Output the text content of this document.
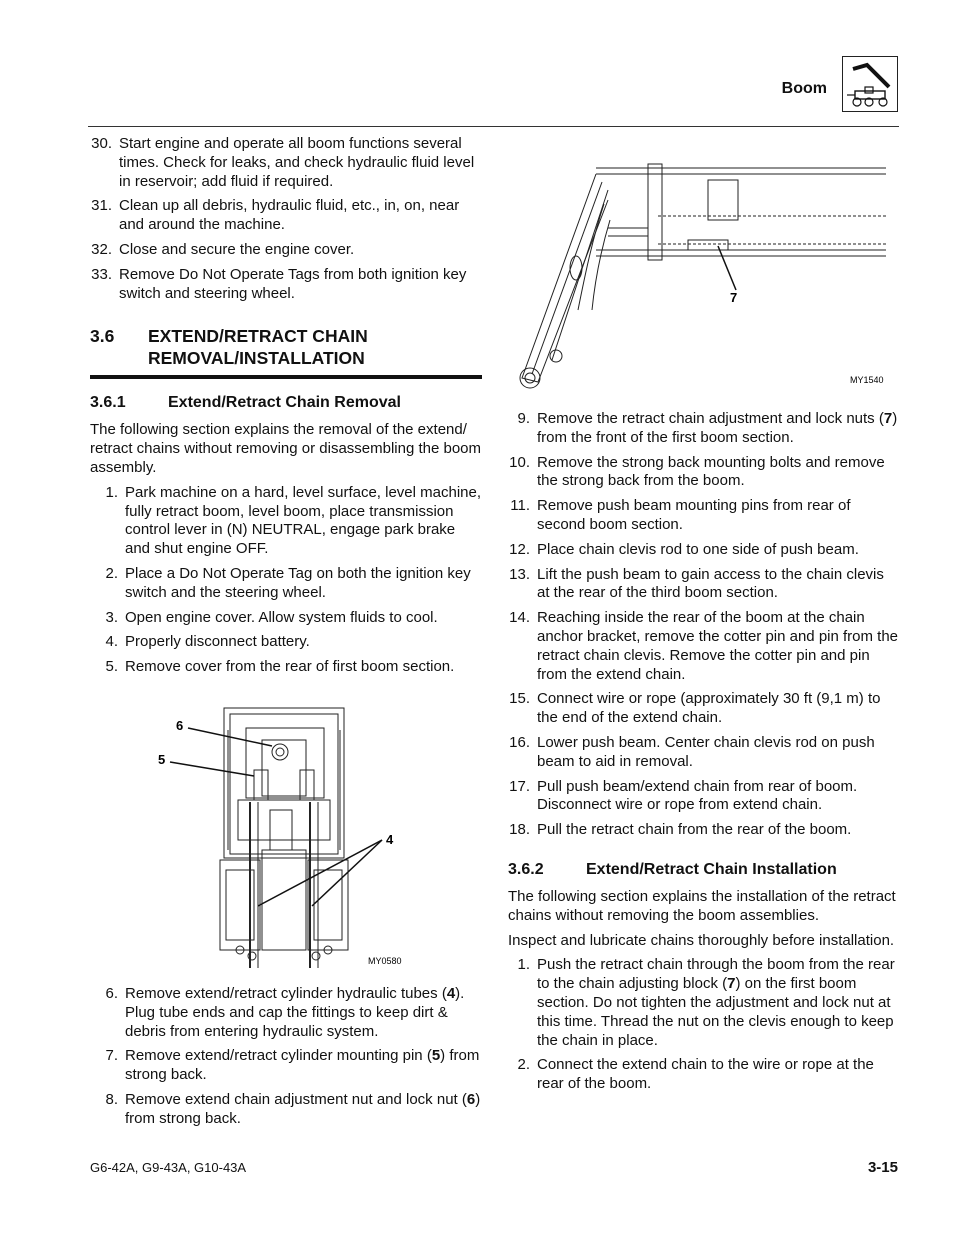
Boom
30. Start engine and operate all boom functions several times. Check for leaks, and check hydraulic fluid level in reservoir; add fluid if required.
31. Clean up all debris, hydraulic fluid, etc., in, on, near and around the machine.
32. Close and secure the engine cover.
33. Remove Do Not Operate Tags from both ignition key switch and steering wheel.
3.6 EXTEND/RETRACT CHAIN
REMOVAL/INSTALLATION
3.6.1	Extend/Retract Chain Removal

The following section explains the removal of the extend/ retract chains without removing or disassembling the boom assembly.

1. Park machine on a hard, level surface, level machine, fully retract boom, level boom, place transmission control lever in (N) NEUTRAL, engage park brake and shut engine OFF.
2. Place a Do Not Operate Tag on both the ignition key switch and the steering wheel.
3. Open engine cover. Allow system fluids to cool.
4. Properly disconnect battery.
5. Remove cover from the rear of first boom section.
6
5
4
MY0580
6. Remove extend/retract cylinder hydraulic tubes (4). Plug tube ends and cap the fittings to keep dirt & debris from entering hydraulic system.
7. Remove extend/retract cylinder mounting pin (5) from strong back.
8. Remove extend chain adjustment nut and lock nut (6) from strong back.
7
MY1540
9. Remove the retract chain adjustment and lock nuts (7) from the front of the first boom section.
10. Remove the strong back mounting bolts and remove the strong back from the boom.
11. Remove push beam mounting pins from rear of second boom section.
12. Place chain clevis rod to one side of push beam.
13. Lift the push beam to gain access to the chain clevis at the rear of the third boom section.
14. Reaching inside the rear of the boom at the chain anchor bracket, remove the cotter pin and pin from the retract chain clevis. Remove the cotter pin and pin from the extend chain.
15. Connect wire or rope (approximately 30 ft (9,1 m) to the end of the extend chain.
16. Lower push beam. Center chain clevis rod on push beam to aid in removal.
17. Pull push beam/extend chain from rear of boom. Disconnect wire or rope from extend chain.
18. Pull the retract chain from the rear of the boom.
3.6.2	Extend/Retract Chain Installation

The following section explains the installation of the retract chains without removing the boom assemblies.

Inspect and lubricate chains thoroughly before installation.

1. Push the retract chain through the boom from the rear to the chain adjusting block (7) on the first boom section. Do not tighten the adjustment and lock nut at this time. Thread the nut on the clevis enough to keep the chain in place.
2. Connect the extend chain to the wire or rope at the rear of the boom.
G6-42A, G9-43A, G10-43A	3-15
